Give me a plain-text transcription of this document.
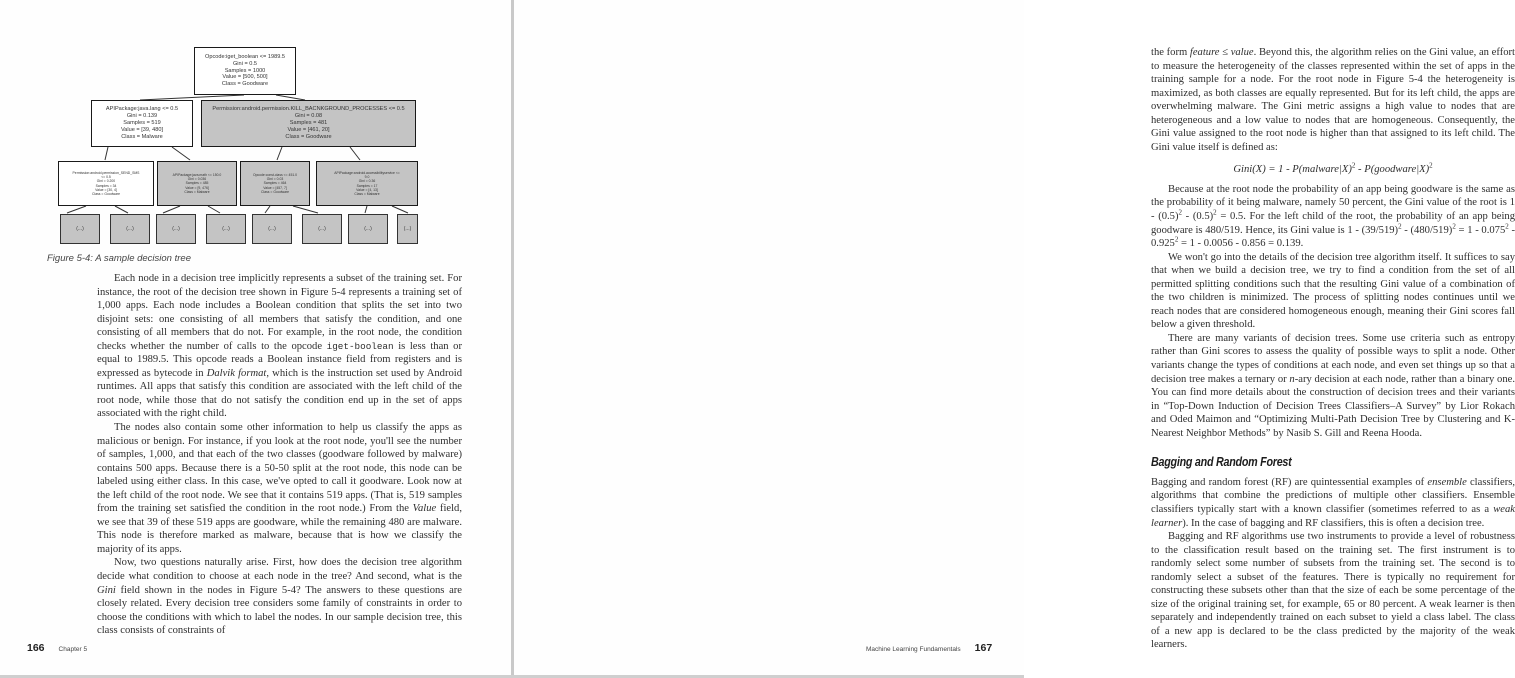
Opcode:iget_boolean <= 1989.5
Gini = 0.5
Samples = 1000
Value = [500, 500]
Class = Goodware
APIPackage:java.lang <= 0.5
Gini = 0.139
Samples = 519
Value = [39, 480]
Class = Malware
Permission:android.permission.KILL_BACNKGROUND_PROCESSES <= 0.5
Gini = 0.08
Samples = 481
Value = [461, 20]
Class = Goodware
Permission:android.permission_SEND_SMS
<= 0.5
Gini = 0.200
Samples = 34
Value = [30, 4]
Class = Goodware
APIPackage:java.math <= 150.0
Gini = 0.036
Samples = 485
Value = [9, 476]
Class = Malware
Opcode:const-class <= 451.0
Gini = 0.03
Samples = 464
Value = [457, 7]
Class = Goodware
APIPackage:android.accessibilityservice <=
9.0
Gini = 0.36
Samples = 17
Value = [4, 13]
Class = Malware
(...)	(...)	(...)	(...)	(...)	(...)	(...)	(...)
Figure 5-4: A sample decision tree

Each node in a decision tree implicitly represents a subset of the training set. For instance, the root of the decision tree shown in Figure 5-4 represents a training set of 1,000 apps. Each node includes a Boolean condition that splits the set into two disjoint sets: one consisting of all members that satisfy the condition, and one consisting of all members that do not. For example, in the root node, the condition checks whether the number of calls to the opcode iget-boolean is less than or equal to 1989.5. This opcode reads a Boolean instance field from registers and is expressed as bytecode in Dalvik format, which is the instruction set used by Android runtimes. All apps that satisfy this condition are associated with the left child of the root node, while those that do not satisfy the condition end up in the set of apps associated with the right child.

The nodes also contain some other information to help us classify the apps as malicious or benign. For instance, if you look at the root node, you'll see the number of samples, 1,000, and that each of the two classes (goodware followed by malware) contains 500 apps. Because there is a 50-50 split at the root node, this node can be labeled using either class. In this case, we've opted to call it goodware. Look now at the left child of the root node. We see that it contains 519 apps. (That is, 519 samples from the training set satisfied the condition in the root node.) From the Value field, we see that 39 of these 519 apps are goodware, while the remaining 480 are malware. This node is therefore marked as malware, because that is how we classify the majority of its apps.

Now, two questions naturally arise. First, how does the decision tree algorithm decide what condition to choose at each node in the tree? And second, what is the Gini field shown in the nodes in Figure 5-4? The answers to these questions are closely related. Every decision tree considers some family of constraints in order to choose the conditions with which to label the nodes. In our sample decision tree, this class consists of constraints of

166 Chapter 5

the form feature ≤ value. Beyond this, the algorithm relies on the Gini value, an effort to measure the heterogeneity of the classes represented within the set of apps in the training sample for a node. For the root node in Figure 5-4 the heterogeneity is maximized, as both classes are equally represented. But for its left child, the apps are overwhelming malware. The Gini metric assigns a high value to nodes that are heterogeneous and a low value to nodes that are homogeneous. Consequently, the Gini value assigned to the root node is higher than that assigned to its left child. The Gini value itself is defined as:

Gini(X) = 1 - P(malware|X)$^2$ - P(goodware|X)$^2$

Because at the root node the probability of an app being goodware is the same as the probability of it being malware, namely 50 percent, the Gini value of the root is $1 - (0.5)^2 - (0.5)^2 = 0.5$. For the left child of the root, the probability of an app being goodware is 480/519. Hence, its Gini value is $1 - (39/519)^2 - (480/519)^2 = 1 - 0.075^2 - 0.925^2 = 1 - 0.0056 - 0.856 = 0.139$.

We won't go into the details of the decision tree algorithm itself. It suffices to say that when we build a decision tree, we try to find a condition from the set of all permitted splitting conditions such that the resulting Gini value of a combination of the two children is minimized. The process of splitting nodes continues until we reach nodes that are considered homogeneous enough, meaning their Gini scores fall below a given threshold.

There are many variants of decision trees. Some use criteria such as entropy rather than Gini scores to assess the quality of possible ways to split a node. Other variants change the types of conditions at each node, and even set things up so that a decision tree makes a ternary or n-ary decision at each node, rather than a binary one. You can find more details about the construction of decision trees and their variants in “Top-Down Induction of Decision Trees Classifiers–A Survey” by Lior Rokach and Oded Maimon and “Optimizing Multi-Path Decision Tree by Clustering and K-Nearest Neighbor Methods” by Nasib S. Gill and Reena Hooda.

Bagging and Random Forest

Bagging and random forest (RF) are quintessential examples of ensemble classifiers, algorithms that combine the predictions of multiple other classifiers. Ensemble classifiers typically start with a known classifier (sometimes referred to as a weak learner). In the case of bagging and RF classifiers, this is often a decision tree.

Bagging and RF algorithms use two instruments to provide a level of robustness to the classification result based on the training set. The first instrument is to randomly select some number of subsets from the training set. The second is to randomly select a subset of the features. There is typically no requirement for constructing these subsets other than that the size of each be some percentage of the size of the original training set, for example, 65 or 80 percent. A weak learner is then separately and independently trained on each subset to yield a class label. The class of a new app is declared to be the class predicted by the majority of the weak learners.

Machine Learning Fundamentals 167
